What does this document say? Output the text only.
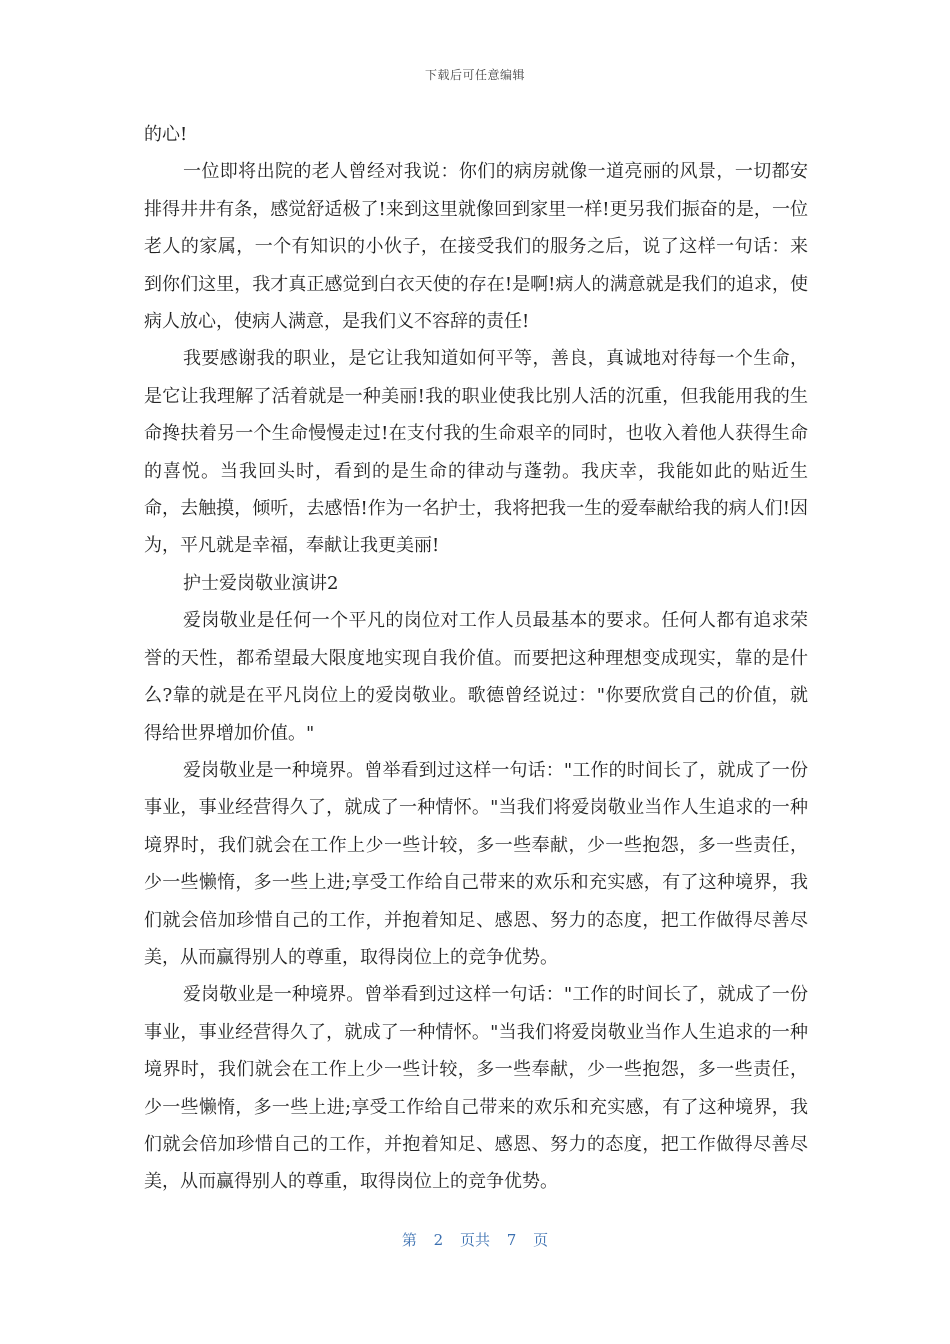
下载后可任意编辑

的心!

一位即将出院的老人曾经对我说：你们的病房就像一道亮丽的风景，一切都安排得井井有条，感觉舒适极了!来到这里就像回到家里一样!更另我们振奋的是，一位老人的家属，一个有知识的小伙子，在接受我们的服务之后，说了这样一句话：来到你们这里，我才真正感觉到白衣天使的存在!是啊!病人的满意就是我们的追求，使病人放心，使病人满意，是我们义不容辞的责任!

我要感谢我的职业，是它让我知道如何平等，善良，真诚地对待每一个生命，是它让我理解了活着就是一种美丽!我的职业使我比别人活的沉重，但我能用我的生命搀扶着另一个生命慢慢走过!在支付我的生命艰辛的同时，也收入着他人获得生命的喜悦。当我回头时，看到的是生命的律动与蓬勃。我庆幸，我能如此的贴近生命，去触摸，倾听，去感悟!作为一名护士，我将把我一生的爱奉献给我的病人们!因为，平凡就是幸福，奉献让我更美丽!

护士爱岗敬业演讲2

爱岗敬业是任何一个平凡的岗位对工作人员最基本的要求。任何人都有追求荣誉的天性，都希望最大限度地实现自我价值。而要把这种理想变成现实，靠的是什么?靠的就是在平凡岗位上的爱岗敬业。歌德曾经说过："你要欣赏自己的价值，就得给世界增加价值。"

爱岗敬业是一种境界。曾举看到过这样一句话："工作的时间长了，就成了一份事业，事业经营得久了，就成了一种情怀。"当我们将爱岗敬业当作人生追求的一种境界时，我们就会在工作上少一些计较，多一些奉献，少一些抱怨，多一些责任，少一些懒惰，多一些上进;享受工作给自己带来的欢乐和充实感，有了这种境界，我们就会倍加珍惜自己的工作，并抱着知足、感恩、努力的态度，把工作做得尽善尽美，从而赢得别人的尊重，取得岗位上的竞争优势。

爱岗敬业是一种境界。曾举看到过这样一句话："工作的时间长了，就成了一份事业，事业经营得久了，就成了一种情怀。"当我们将爱岗敬业当作人生追求的一种境界时，我们就会在工作上少一些计较，多一些奉献，少一些抱怨，多一些责任，少一些懒惰，多一些上进;享受工作给自己带来的欢乐和充实感，有了这种境界，我们就会倍加珍惜自己的工作，并抱着知足、感恩、努力的态度，把工作做得尽善尽美，从而赢得别人的尊重，取得岗位上的竞争优势。

第 2 页共 7 页
